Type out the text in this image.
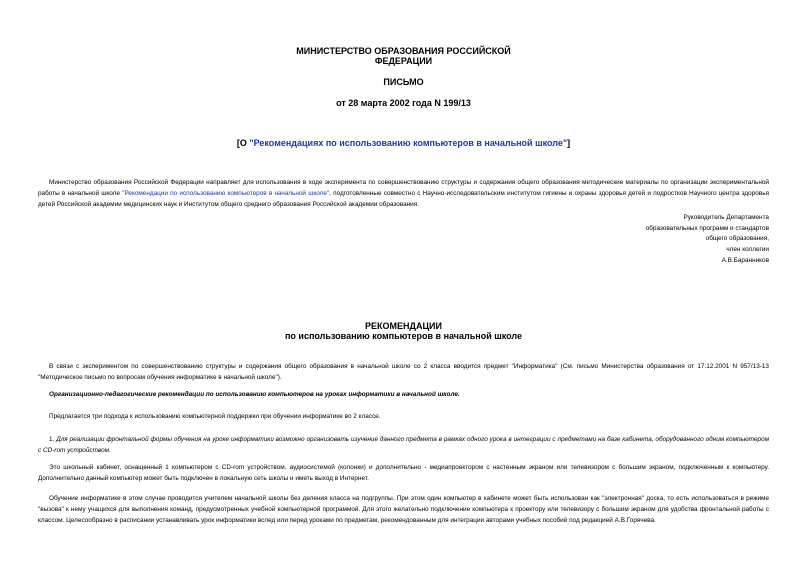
МИНИСТЕРСТВО ОБРАЗОВАНИЯ РОССИЙСКОЙ
ФЕДЕРАЦИИ
ПИСЬМО
от 28 марта 2002 года N 199/13
[О "Рекомендациях по использованию компьютеров в начальной школе"]
Министерство образования Российской Федерации направляет для использования в ходе эксперимента по совершенствованию структуры и содержания общего образования методические материалы по организации экспериментальной работы в начальной школе "Рекомендации по использованию компьютеров в начальной школе", подготовленные совместно с Научно-исследовательским институтом гигиены и охраны здоровья детей и подростков Научного центра здоровья детей Российской академии медицинских наук и Институтом общего среднего образования Российской академии образования.
Руководитель Департамента
образовательных программ и стандартов
общего образования,
член коллегии
А.В.Баранников
РЕКОМЕНДАЦИИ
по использованию компьютеров в начальной школе
В связи с экспериментом по совершенствованию структуры и содержания общего образования в начальной школе со 2 класса вводится предмет "Информатика" (См. письмо Министерства образования от 17.12.2001 N 957/13-13 "Методическое письмо по вопросам обучения информатике в начальной школе").
Организационно-педагогические рекомендации по использованию компьютеров на уроках информатики в начальной школе.
Предлагается три подхода к использованию компьютерной поддержки при обучении информатике во 2 классе.
1. Для реализации фронтальной формы обучения на уроке информатики возможно организовать изучение данного предмета в рамках одного урока в интеграции с предметами на базе кабинета, оборудованного одним компьютером с CD-rom устройством.
Это школьный кабинет, оснащенный 1 компьютером с CD-rom устройством, аудиосистемой (колонки) и дополнительно - медиапроектором с настенным экраном или телевизором с большим экраном, подключенным к компьютеру. Дополнительно данный компьютер может быть подключен в локальную сеть школы и иметь выход в Интернет.
Обучение информатике в этом случае проводится учителем начальной школы без деления класса на подгруппы. При этом один компьютер в кабинете может быть использован как "электронная" доска, то есть использоваться в режиме "вызова" к нему учащихся для выполнения команд, предусмотренных учебной компьютерной программой. Для этого желательно подключение компьютера к проектору или телевизору с большим экраном для удобства фронтальной работы с классом. Целесообразно в расписании устанавливать урок информатики вслед или перед уроками по предметам, рекомендованным для интеграции авторами учебных пособий под редакцией А.В.Горячева.
